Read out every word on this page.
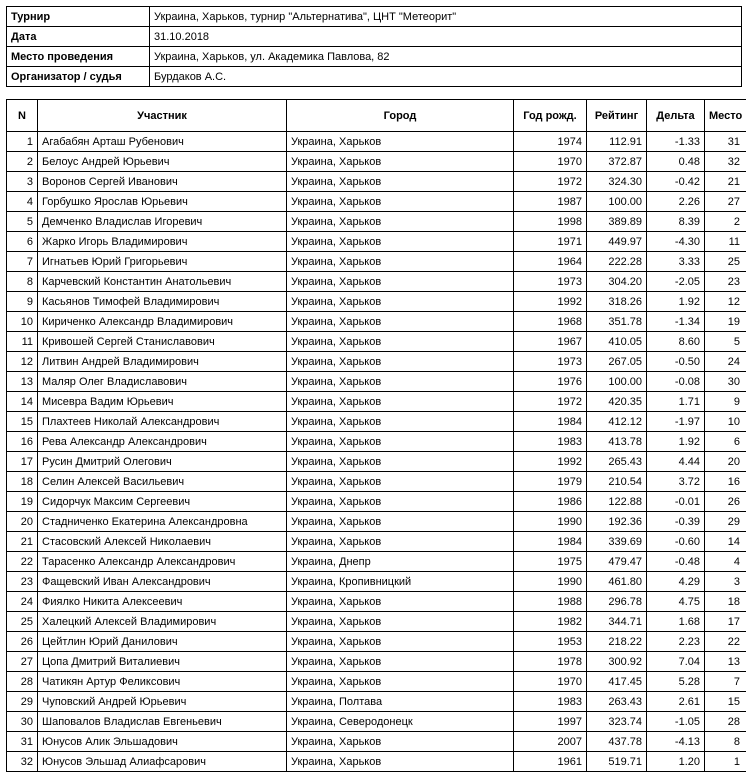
Турнир	Украина, Харьков, турнир "Альтернатива", ЦНТ "Метеорит"
Дата	31.10.2018
Место проведения	Украина, Харьков, ул. Академика Павлова, 82
Организатор / судья	Бурдаков А.С.
N	Участник	Город	Год рожд.	Рейтинг	Дельта	Место
1	Агабабян Арташ Рубенович	Украина, Харьков	1974	112.91	-1.33	31
2	Белоус Андрей Юрьевич	Украина, Харьков	1970	372.87	0.48	32
3	Воронов Сергей Иванович	Украина, Харьков	1972	324.30	-0.42	21
4	Горбушко Ярослав Юрьевич	Украина, Харьков	1987	100.00	2.26	27
5	Демченко Владислав Игоревич	Украина, Харьков	1998	389.89	8.39	2
6	Жарко Игорь Владимирович	Украина, Харьков	1971	449.97	-4.30	11
7	Игнатьев Юрий Григорьевич	Украина, Харьков	1964	222.28	3.33	25
8	Карчевский Константин Анатольевич	Украина, Харьков	1973	304.20	-2.05	23
9	Касьянов Тимофей Владимирович	Украина, Харьков	1992	318.26	1.92	12
10	Кириченко Александр Владимирович	Украина, Харьков	1968	351.78	-1.34	19
11	Кривошей Сергей Станиславович	Украина, Харьков	1967	410.05	8.60	5
12	Литвин Андрей Владимирович	Украина, Харьков	1973	267.05	-0.50	24
13	Маляр Олег Владиславович	Украина, Харьков	1976	100.00	-0.08	30
14	Мисевра Вадим Юрьевич	Украина, Харьков	1972	420.35	1.71	9
15	Плахтеев Николай Александрович	Украина, Харьков	1984	412.12	-1.97	10
16	Рева Александр Александрович	Украина, Харьков	1983	413.78	1.92	6
17	Русин Дмитрий Олегович	Украина, Харьков	1992	265.43	4.44	20
18	Селин Алексей Васильевич	Украина, Харьков	1979	210.54	3.72	16
19	Сидорчук Максим Сергеевич	Украина, Харьков	1986	122.88	-0.01	26
20	Стадниченко Екатерина Александровна	Украина, Харьков	1990	192.36	-0.39	29
21	Стасовский Алексей Николаевич	Украина, Харьков	1984	339.69	-0.60	14
22	Тарасенко Александр Александрович	Украина, Днепр	1975	479.47	-0.48	4
23	Фащевский Иван Александрович	Украина, Кропивницкий	1990	461.80	4.29	3
24	Фиялко Никита Алексеевич	Украина, Харьков	1988	296.78	4.75	18
25	Халецкий Алексей Владимирович	Украина, Харьков	1982	344.71	1.68	17
26	Цейтлин Юрий Данилович	Украина, Харьков	1953	218.22	2.23	22
27	Цопа Дмитрий Виталиевич	Украина, Харьков	1978	300.92	7.04	13
28	Чатикян Артур Феликсович	Украина, Харьков	1970	417.45	5.28	7
29	Чуповский Андрей Юрьевич	Украина, Полтава	1983	263.43	2.61	15
30	Шаповалов Владислав Евгеньевич	Украина, Северодонецк	1997	323.74	-1.05	28
31	Юнусов Алик Эльшадович	Украина, Харьков	2007	437.78	-4.13	8
32	Юнусов Эльшад Алиафсарович	Украина, Харьков	1961	519.71	1.20	1
